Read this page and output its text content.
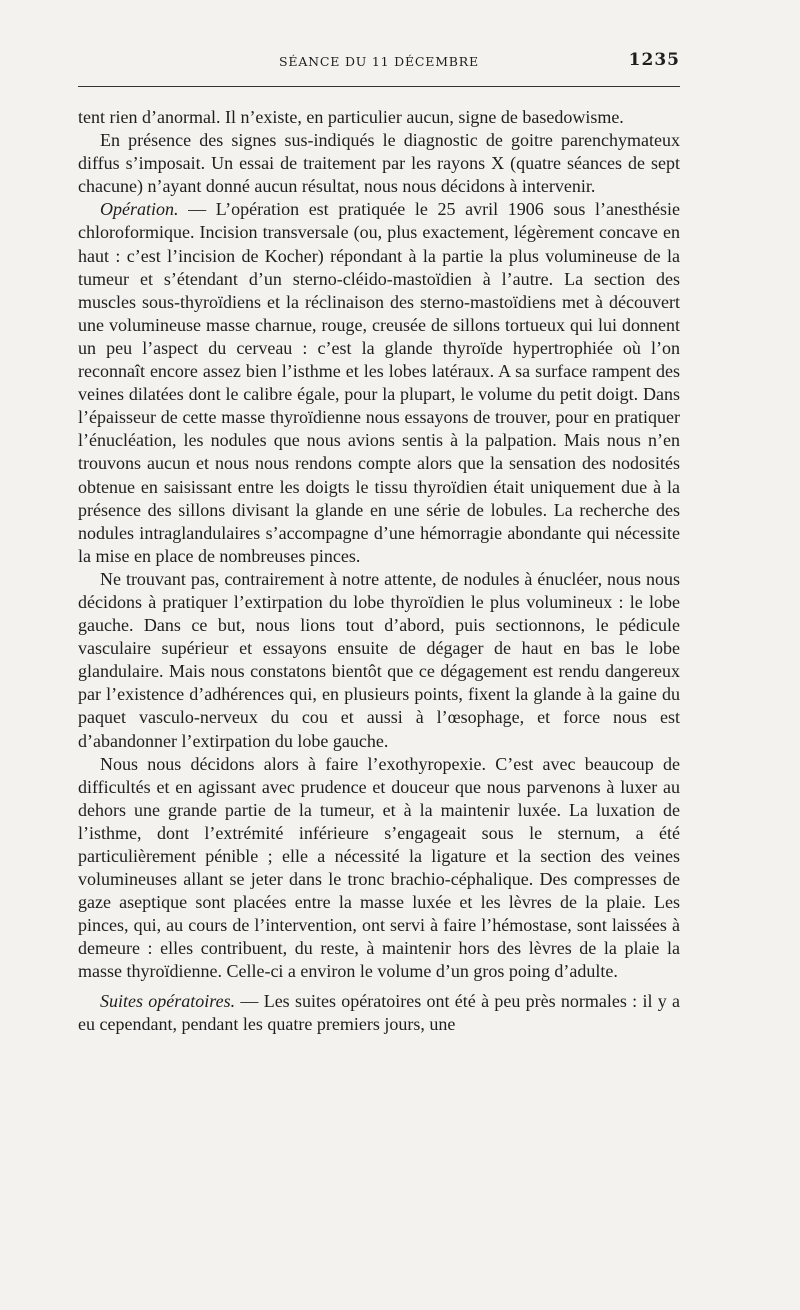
SÉANCE DU 11 DÉCEMBRE	1235

tent rien d’anormal. Il n’existe, en particulier aucun, signe de basedowisme.

En présence des signes sus-indiqués le diagnostic de goitre parenchymateux diffus s’imposait. Un essai de traitement par les rayons X (quatre séances de sept chacune) n’ayant donné aucun résultat, nous nous décidons à intervenir.

Opération. — L’opération est pratiquée le 25 avril 1906 sous l’anesthésie chloroformique. Incision transversale (ou, plus exactement, légèrement concave en haut : c’est l’incision de Kocher) répondant à la partie la plus volumineuse de la tumeur et s’étendant d’un sterno-cléido-mastoïdien à l’autre. La section des muscles sous-thyroïdiens et la réclinaison des sterno-mastoïdiens met à découvert une volumineuse masse charnue, rouge, creusée de sillons tortueux qui lui donnent un peu l’aspect du cerveau : c’est la glande thyroïde hypertrophiée où l’on reconnaît encore assez bien l’isthme et les lobes latéraux. A sa surface rampent des veines dilatées dont le calibre égale, pour la plupart, le volume du petit doigt. Dans l’épaisseur de cette masse thyroïdienne nous essayons de trouver, pour en pratiquer l’énucléation, les nodules que nous avions sentis à la palpation. Mais nous n’en trouvons aucun et nous nous rendons compte alors que la sensation des nodosités obtenue en saisissant entre les doigts le tissu thyroïdien était uniquement due à la présence des sillons divisant la glande en une série de lobules. La recherche des nodules intraglandulaires s’accompagne d’une hémorragie abondante qui nécessite la mise en place de nombreuses pinces.

Ne trouvant pas, contrairement à notre attente, de nodules à énucléer, nous nous décidons à pratiquer l’extirpation du lobe thyroïdien le plus volumineux : le lobe gauche. Dans ce but, nous lions tout d’abord, puis sectionnons, le pédicule vasculaire supérieur et essayons ensuite de dégager de haut en bas le lobe glandulaire. Mais nous constatons bientôt que ce dégagement est rendu dangereux par l’existence d’adhérences qui, en plusieurs points, fixent la glande à la gaine du paquet vasculo-nerveux du cou et aussi à l’œsophage, et force nous est d’abandonner l’extirpation du lobe gauche.

Nous nous décidons alors à faire l’exothyropexie. C’est avec beaucoup de difficultés et en agissant avec prudence et douceur que nous parvenons à luxer au dehors une grande partie de la tumeur, et à la maintenir luxée. La luxation de l’isthme, dont l’extrémité inférieure s’engageait sous le sternum, a été particulièrement pénible ; elle a nécessité la ligature et la section des veines volumineuses allant se jeter dans le tronc brachio-céphalique. Des compresses de gaze aseptique sont placées entre la masse luxée et les lèvres de la plaie. Les pinces, qui, au cours de l’intervention, ont servi à faire l’hémostase, sont laissées à demeure : elles contribuent, du reste, à maintenir hors des lèvres de la plaie la masse thyroïdienne. Celle-ci a environ le volume d’un gros poing d’adulte.

Suites opératoires. — Les suites opératoires ont été à peu près normales : il y a eu cependant, pendant les quatre premiers jours, une
